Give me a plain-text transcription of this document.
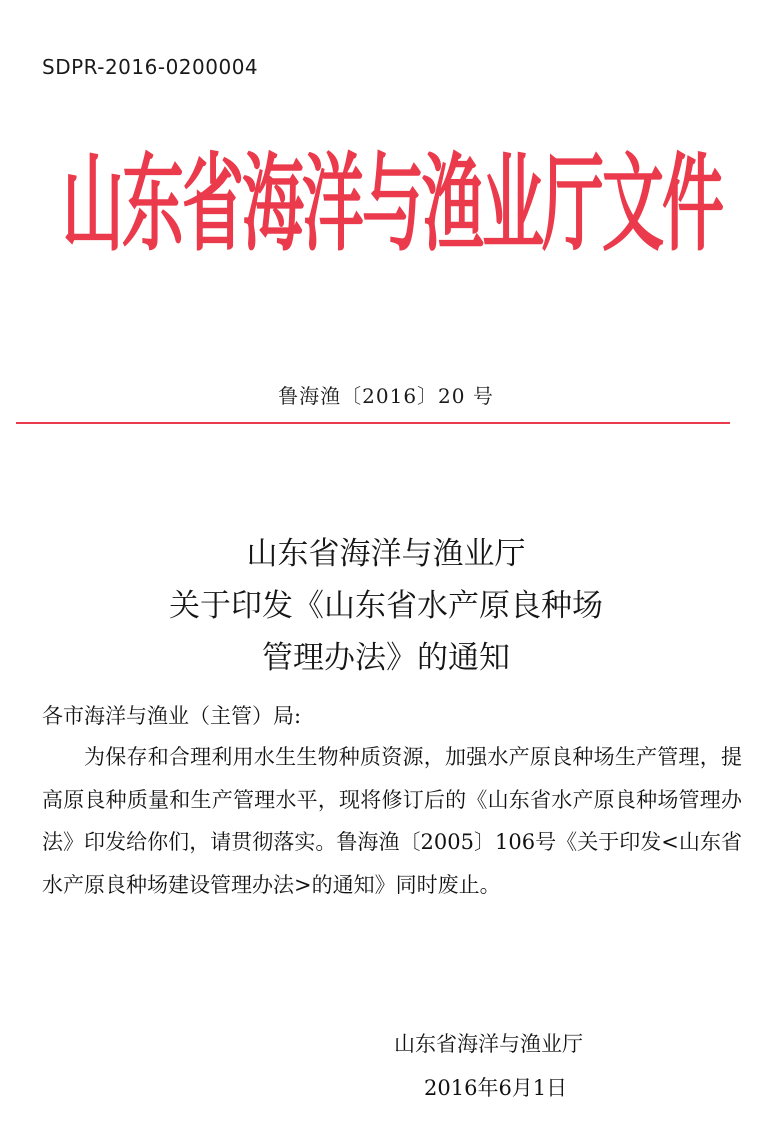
SDPR-2016-0200004
山东省海洋与渔业厅文件
鲁海渔〔2016〕20 号
山东省海洋与渔业厅
关于印发《山东省水产原良种场
管理办法》的通知
各市海洋与渔业（主管）局:
为保存和合理利用水生生物种质资源，加强水产原良种场生产管理，提高原良种质量和生产管理水平，现将修订后的《山东省水产原良种场管理办法》印发给你们，请贯彻落实。鲁海渔〔2005〕106号《关于印发<山东省水产原良种场建设管理办法>的通知》同时废止。
山东省海洋与渔业厅
2016年6月1日
